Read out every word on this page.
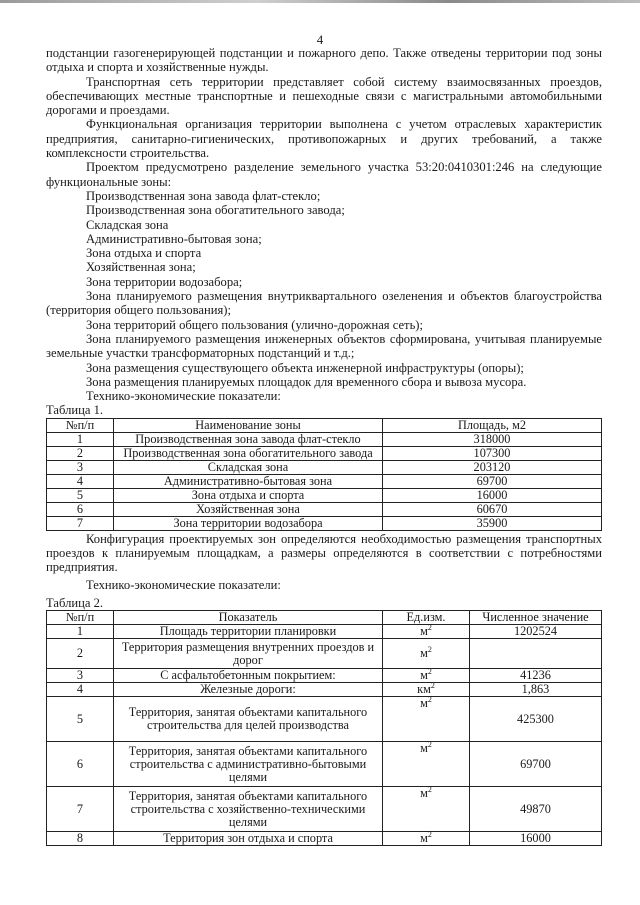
4

подстанции газогенерирующей подстанции и пожарного депо. Также отведены территории под зоны отдыха и спорта и хозяйственные нужды.

Транспортная сеть территории представляет собой систему взаимосвязанных проездов, обеспечивающих местные транспортные и пешеходные связи с магистральными автомобильными дорогами и проездами.

Функциональная организация территории выполнена с учетом отраслевых характеристик предприятия, санитарно-гигиенических, противопожарных и других требований, а также комплексности строительства.

Проектом предусмотрено разделение земельного участка 53:20:0410301:246 на следующие функциональные зоны:

Производственная зона завода флат-стекло;

Производственная зона обогатительного завода;

Складская зона

Административно-бытовая зона;

Зона отдыха и спорта

Хозяйственная зона;

Зона территории водозабора;

Зона планируемого размещения внутриквартального озеленения и объектов благоустройства (территория общего пользования);

Зона территорий общего пользования (улично-дорожная сеть);

Зона планируемого размещения инженерных объектов сформирована, учитывая планируемые земельные участки трансформаторных подстанций и т.д.;

Зона размещения существующего объекта инженерной инфраструктуры (опоры);

Зона размещения планируемых площадок для временного сбора и вывоза мусора.

Технико-экономические показатели:

Таблица 1.

№п/п	Наименование зоны	Площадь, м2
1	Производственная зона завода флат-стекло	318000
2	Производственная зона обогатительного завода	107300
3	Складская зона	203120
4	Административно-бытовая зона	69700
5	Зона отдыха и спорта	16000
6	Хозяйственная зона	60670
7	Зона территории водозабора	35900

Конфигурация проектируемых зон определяются необходимостью размещения транспортных проездов к планируемым площадкам, а размеры определяются в соответствии с потребностями предприятия.

Технико-экономические показатели:

Таблица 2.

№п/п	Показатель	Ед.изм.	Численное значение
1	Площадь территории планировки	$м^2$	1202524
2	Территория размещения внутренних проездов и дорог	$м^2$	
3	С асфальтобетонным покрытием:	$м^2$	41236
4	Железные дороги:	$км^2$	1,863
5	Территория, занятая объектами капитального строительства для целей производства	$м^2$	425300
6	Территория, занятая объектами капитального строительства с административно-бытовыми целями	$м^2$	69700
7	Территория, занятая объектами капитального строительства с хозяйственно-техническими целями	$м^2$	49870
8	Территория зон отдыха и спорта	$м^2$	16000
